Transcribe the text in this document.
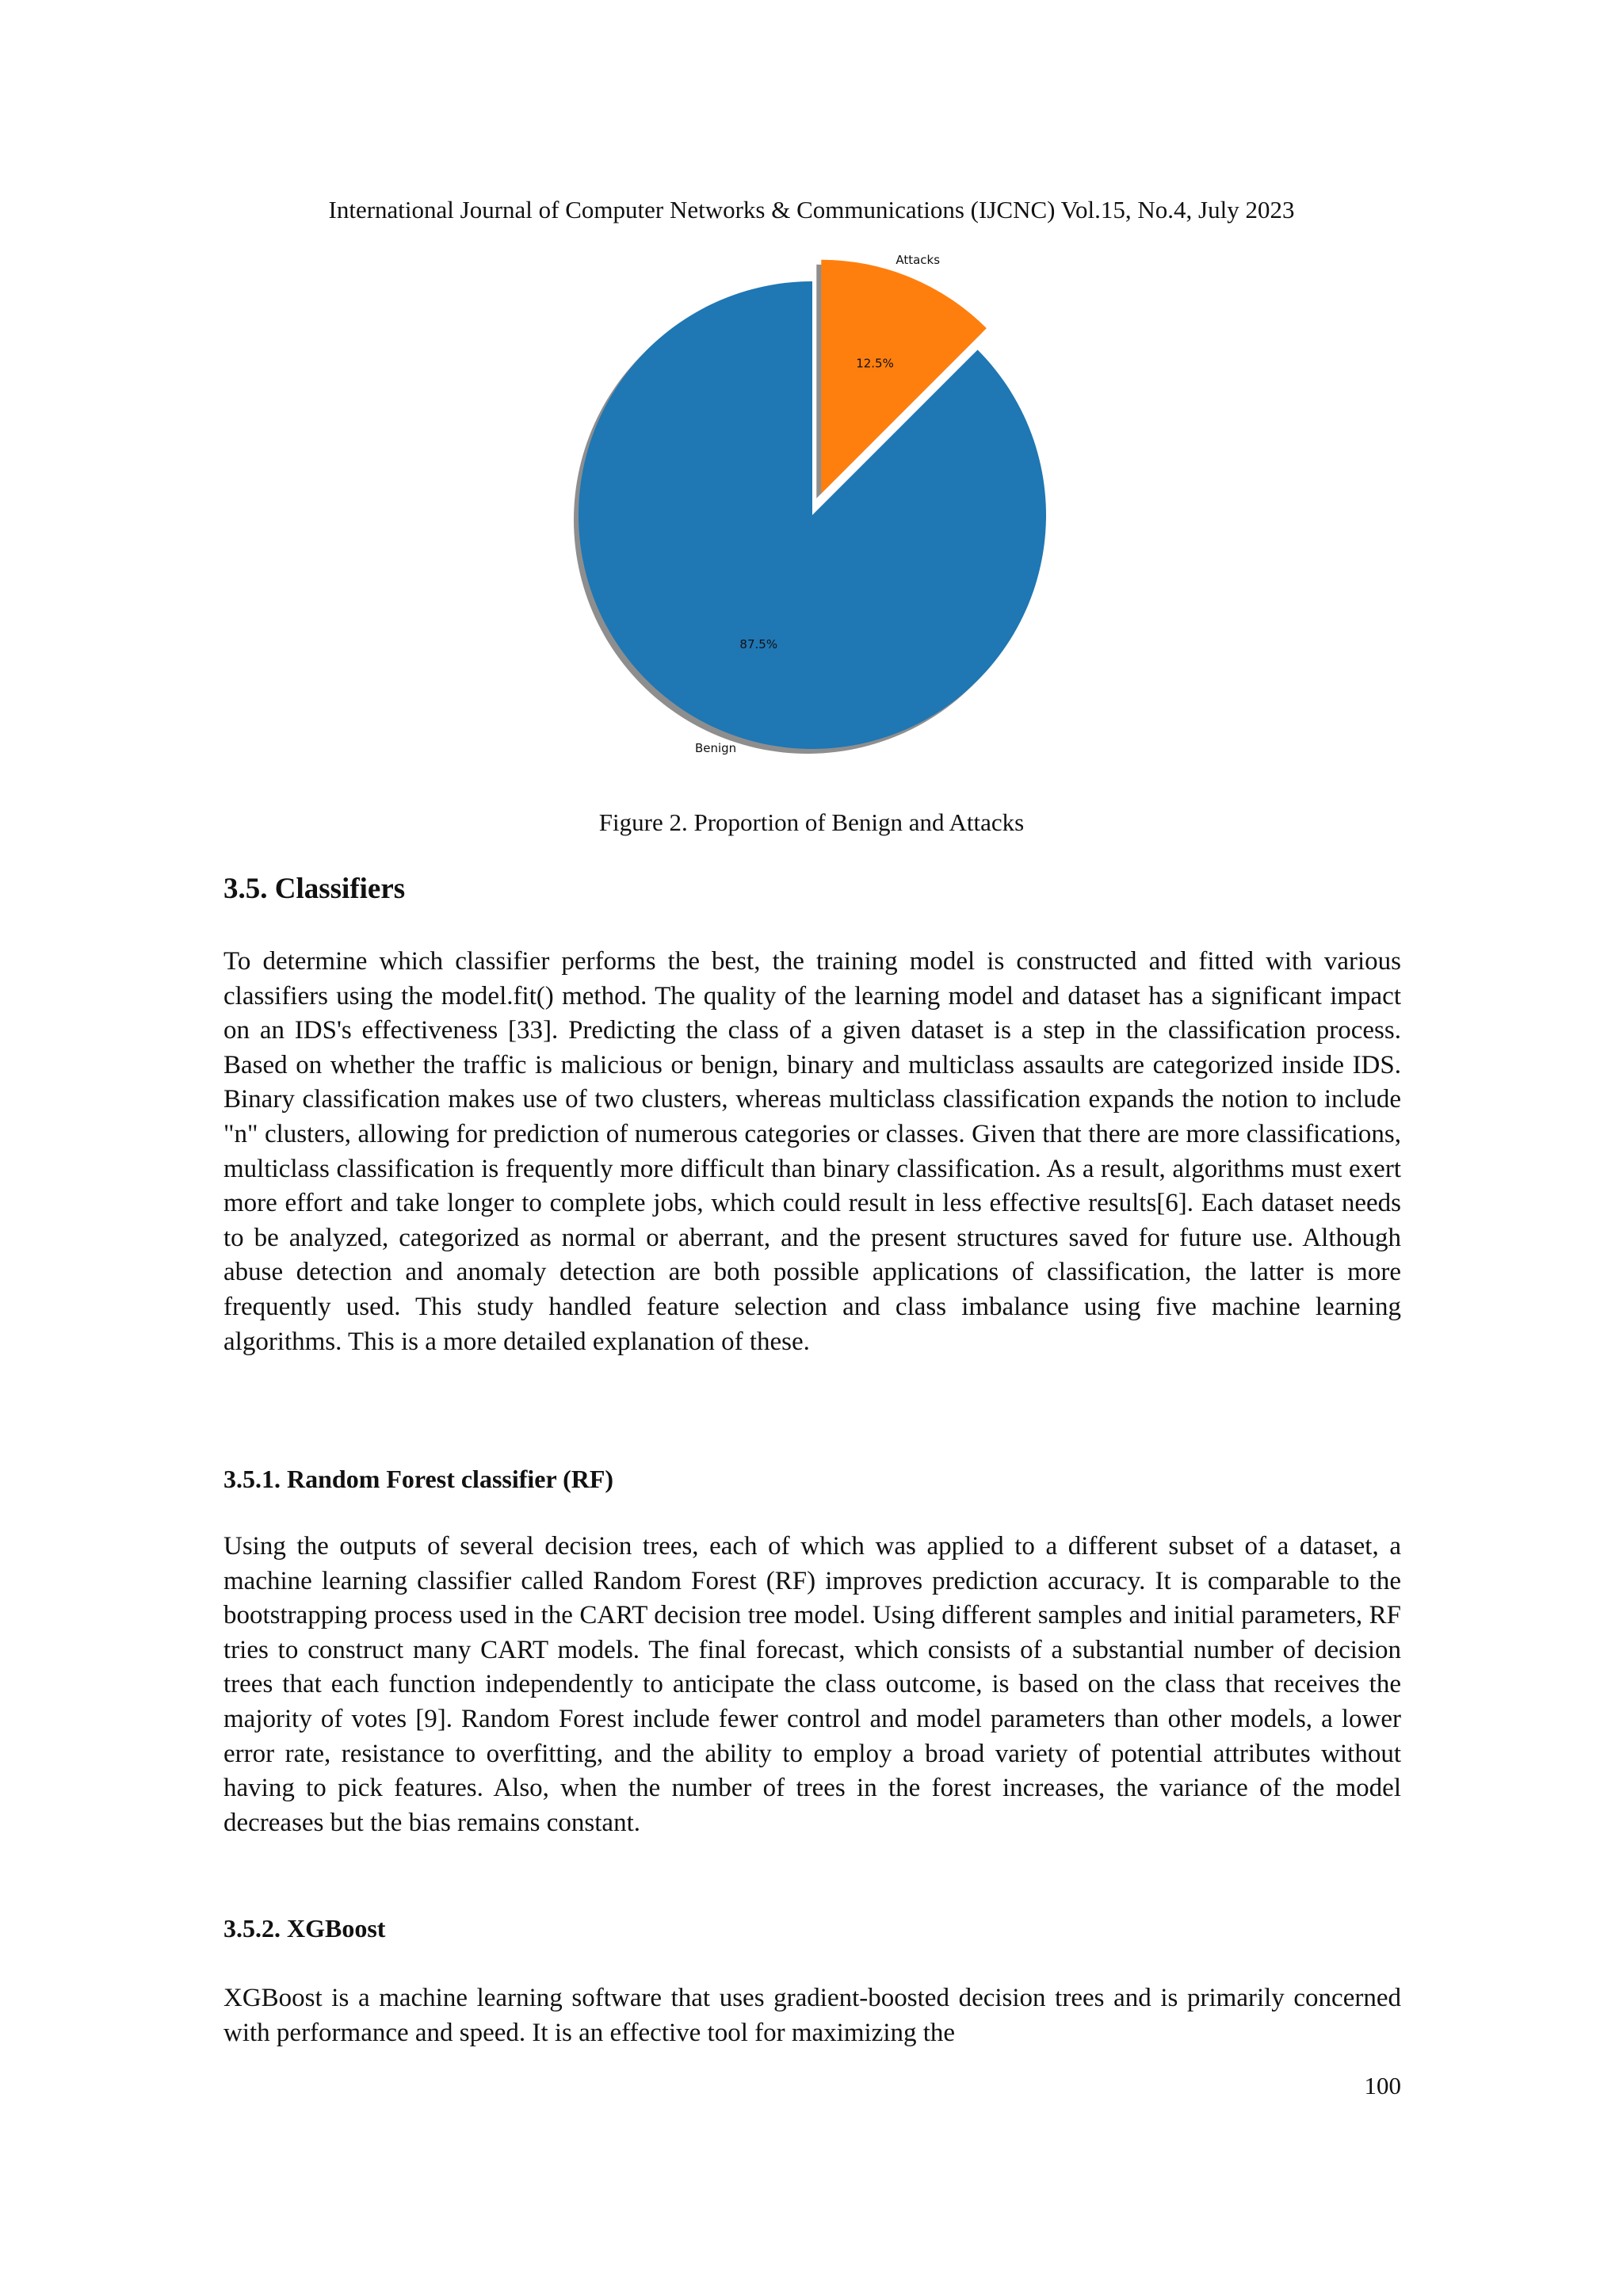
International Journal of Computer Networks & Communications (IJCNC) Vol.15, No.4, July 2023
12.5%
Attacks
87.5%
Benign
Figure 2. Proportion of Benign and Attacks
3.5. Classifiers

To determine which classifier performs the best, the training model is constructed and fitted with various classifiers using the model.fit() method. The quality of the learning model and dataset has a significant impact on an IDS's effectiveness [33]. Predicting the class of a given dataset is a step in the classification process. Based on whether the traffic is malicious or benign, binary and multiclass assaults are categorized inside IDS. Binary classification makes use of two clusters, whereas multiclass classification expands the notion to include "n" clusters, allowing for prediction of numerous categories or classes. Given that there are more classifications, multiclass classification is frequently more difficult than binary classification. As a result, algorithms must exert more effort and take longer to complete jobs, which could result in less effective results[6]. Each dataset needs to be analyzed, categorized as normal or aberrant, and the present structures saved for future use. Although abuse detection and anomaly detection are both possible applications of classification, the latter is more frequently used. This study handled feature selection and class imbalance using five machine learning algorithms. This is a more detailed explanation of these.

3.5.1. Random Forest classifier (RF)

Using the outputs of several decision trees, each of which was applied to a different subset of a dataset, a machine learning classifier called Random Forest (RF) improves prediction accuracy. It is comparable to the bootstrapping process used in the CART decision tree model. Using different samples and initial parameters, RF tries to construct many CART models. The final forecast, which consists of a substantial number of decision trees that each function independently to anticipate the class outcome, is based on the class that receives the majority of votes [9]. Random Forest include fewer control and model parameters than other models, a lower error rate, resistance to overfitting, and the ability to employ a broad variety of potential attributes without having to pick features. Also, when the number of trees in the forest increases, the variance of the model decreases but the bias remains constant.

3.5.2. XGBoost

XGBoost is a machine learning software that uses gradient-boosted decision trees and is primarily concerned with performance and speed. It is an effective tool for maximizing the

100
